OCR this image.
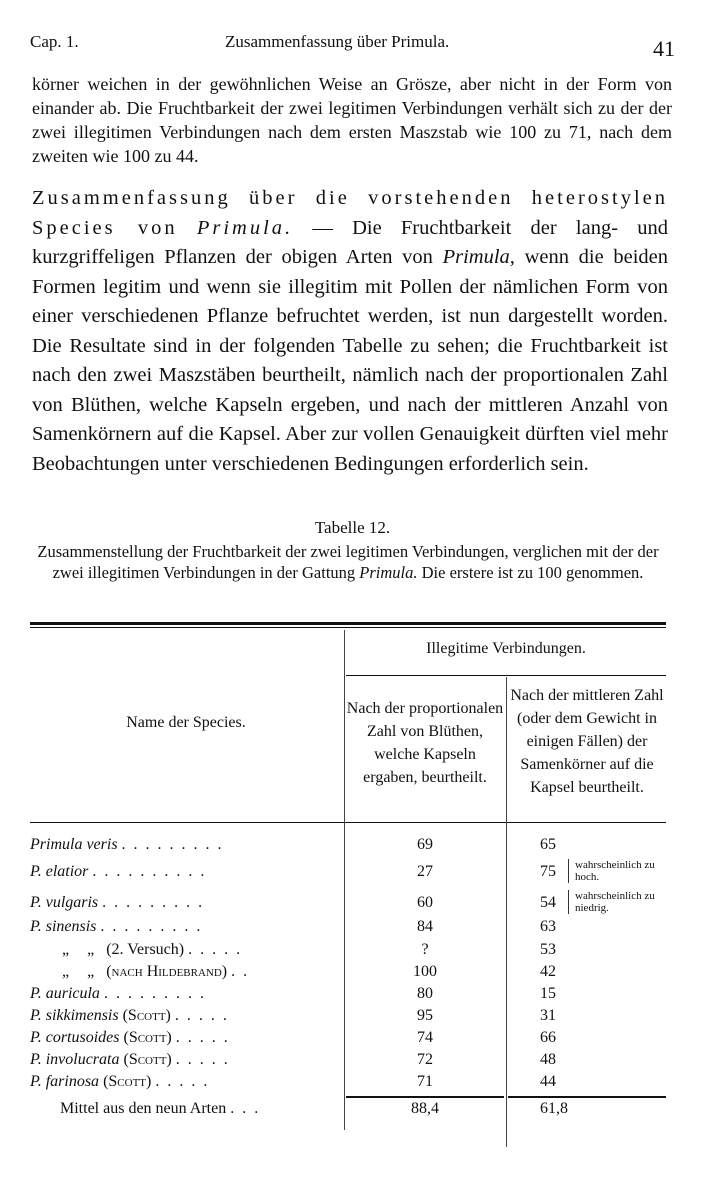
Cap. 1.	Zusammenfassung über Primula.	41
körner weichen in der gewöhnlichen Weise an Grösze, aber nicht in der Form von einander ab. Die Fruchtbarkeit der zwei legitimen Verbindungen verhält sich zu der der zwei illegitimen Verbindungen nach dem ersten Maszstab wie 100 zu 71, nach dem zweiten wie 100 zu 44.
Zusammenfassung über die vorstehenden heterostylen Species von Primula. — Die Fruchtbarkeit der lang- und kurzgriffeligen Pflanzen der obigen Arten von Primula, wenn die beiden Formen legitim und wenn sie illegitim mit Pollen der nämlichen Form von einer verschiedenen Pflanze befruchtet werden, ist nun dargestellt worden. Die Resultate sind in der folgenden Tabelle zu sehen; die Fruchtbarkeit ist nach den zwei Maszstäben beurtheilt, nämlich nach der proportionalen Zahl von Blüthen, welche Kapseln ergeben, und nach der mittleren Anzahl von Samenkörnern auf die Kapsel. Aber zur vollen Genauigkeit dürften viel mehr Beobachtungen unter verschiedenen Bedingungen erforderlich sein.
Tabelle 12.
Zusammenstellung der Fruchtbarkeit der zwei legitimen Verbindungen, verglichen mit der der zwei illegitimen Verbindungen in der Gattung Primula. Die erstere ist zu 100 genommen.
Name der Species.
Illegitime Verbindungen.
Nach der proportionalen Zahl von Blüthen, welche Kapseln ergaben, beurtheilt.
Nach der mittleren Zahl (oder dem Gewicht in einigen Fällen) der Samenkörner auf die Kapsel beurtheilt.
Primula veris .........	69	65
P. elatior ..........	27	75	wahrscheinlich zu hoch.
P. vulgaris .........	60	54	wahrscheinlich zu niedrig.
P. sinensis .........	84	63
„ „ (2. Versuch) .....	?	53
„ „ (nach Hildebrand) ..	100	42
P. auricula .........	80	15
P. sikkimensis (Scott) .....	95	31
P. cortusoides (Scott) .....	74	66
P. involucrata (Scott) .....	72	48
P. farinosa (Scott) .....	71	44
Mittel aus den neun Arten ...	88,4	61,8
